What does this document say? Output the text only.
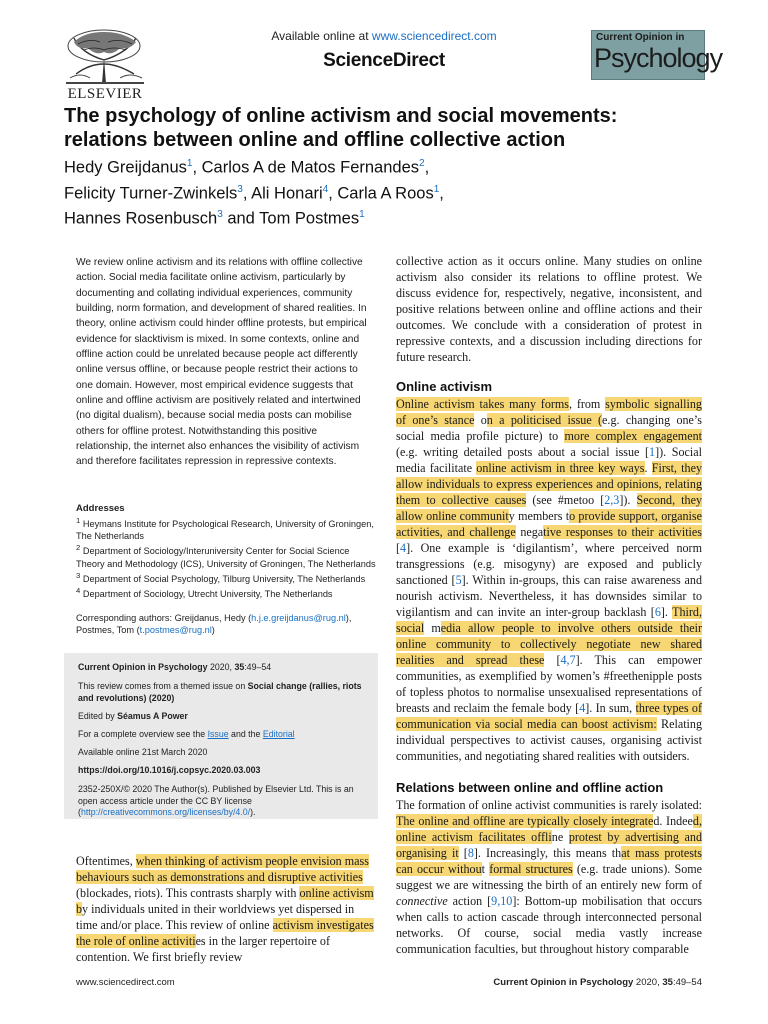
ELSEVIER
Available online at www.sciencedirect.com
ScienceDirect
Current Opinion in
Psychology
The psychology of online activism and social movements:
relations between online and offline collective action
Hedy Greijdanus$^1$, Carlos A de Matos Fernandes$^2$,
Felicity Turner-Zwinkels$^3$, Ali Honari$^4$, Carla A Roos$^1$,
Hannes Rosenbusch$^3$ and Tom Postmes$^1$
We review online activism and its relations with offline collective action. Social media facilitate online activism, particularly by documenting and collating individual experiences, community building, norm formation, and development of shared realities. In theory, online activism could hinder offline protests, but empirical evidence for slacktivism is mixed. In some contexts, online and offline action could be unrelated because people act differently online versus offline, or because people restrict their actions to one domain. However, most empirical evidence suggests that online and offline activism are positively related and intertwined (no digital dualism), because social media posts can mobilise others for offline protest. Notwithstanding this positive relationship, the internet also enhances the visibility of activism and therefore facilitates repression in repressive contexts.
Addresses
$^1$ Heymans Institute for Psychological Research, University of Groningen, The Netherlands
$^2$ Department of Sociology/Interuniversity Center for Social Science Theory and Methodology (ICS), University of Groningen, The Netherlands
$^3$ Department of Social Psychology, Tilburg University, The Netherlands
$^4$ Department of Sociology, Utrecht University, The Netherlands
Corresponding authors: Greijdanus, Hedy (h.j.e.greijdanus@rug.nl), Postmes, Tom (t.postmes@rug.nl)
Current Opinion in Psychology 2020, 35:49–54
This review comes from a themed issue on Social change (rallies, riots and revolutions) (2020)
Edited by Séamus A Power
For a complete overview see the Issue and the Editorial
Available online 21st March 2020
https://doi.org/10.1016/j.copsyc.2020.03.003
2352-250X/© 2020 The Author(s). Published by Elsevier Ltd. This is an open access article under the CC BY license (http://creativecommons.org/licenses/by/4.0/).
Oftentimes, when thinking of activism people envision mass behaviours such as demonstrations and disruptive activities (blockades, riots). This contrasts sharply with online activism by individuals united in their worldviews yet dispersed in time and/or place. This review of online activism investigates the role of online activities in the larger repertoire of contention. We first briefly review

collective action as it occurs online. Many studies on online activism also consider its relations to offline protest. We discuss evidence for, respectively, negative, inconsistent, and positive relations between online and offline actions and their outcomes. We conclude with a consideration of protest in repressive contexts, and a discussion including directions for future research.

Online activism

Online activism takes many forms, from symbolic signalling of one’s stance on a politicised issue (e.g. changing one’s social media profile picture) to more complex engagement (e.g. writing detailed posts about a social issue [1]). Social media facilitate online activism in three key ways. First, they allow individuals to express experiences and opinions, relating them to collective causes (see #metoo [2,3]). Second, they allow online community members to provide support, organise activities, and challenge negative responses to their activities [4]. One example is ‘digilantism’, where perceived norm transgressions (e.g. misogyny) are exposed and publicly sanctioned [5]. Within in-groups, this can raise awareness and nourish activism. Nevertheless, it has downsides similar to vigilantism and can invite an inter-group backlash [6]. Third, social media allow people to involve others outside their online community to collectively negotiate new shared realities and spread these [4,7]. This can empower communities, as exemplified by women’s #freethenipple posts of topless photos to normalise unsexualised representations of breasts and reclaim the female body [4]. In sum, three types of communication via social media can boost activism: Relating individual perspectives to activist causes, organising activist communities, and negotiating shared realities with outsiders.

Relations between online and offline action

The formation of online activist communities is rarely isolated: The online and offline are typically closely integrated. Indeed, online activism facilitates offline protest by advertising and organising it [8]. Increasingly, this means that mass protests can occur without formal structures (e.g. trade unions). Some suggest we are witnessing the birth of an entirely new form of connective action [9,10]: Bottom-up mobilisation that occurs when calls to action cascade through interconnected personal networks. Of course, social media vastly increase communication faculties, but throughout history comparable

www.sciencedirect.com	Current Opinion in Psychology 2020, 35:49–54
